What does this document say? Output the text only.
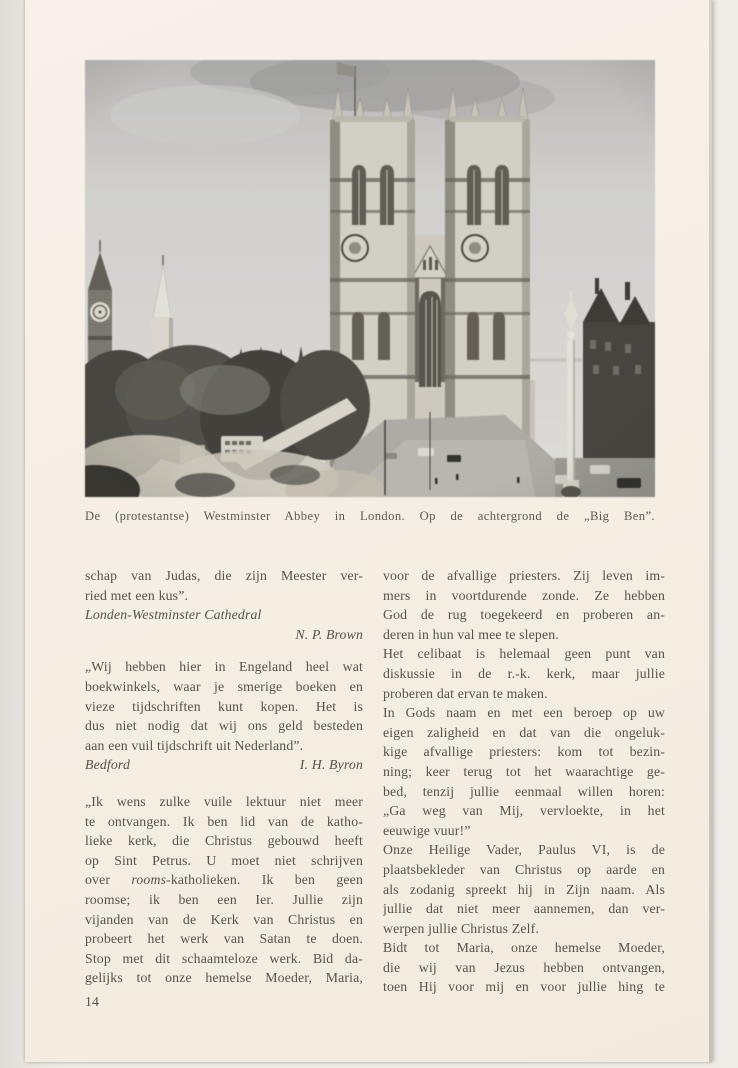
De (protestantse) Westminster Abbey in London. Op de achtergrond de „Big Ben”.
schap van Judas, die zijn Meester ver-
ried met een kus”.
Londen-Westminster Cathedral
N. P. Brown
„Wij hebben hier in Engeland heel wat
boekwinkels, waar je smerige boeken en
vieze tijdschriften kunt kopen. Het is
dus niet nodig dat wij ons geld besteden
aan een vuil tijdschrift uit Nederland”.
Bedford	I. H. Byron
„Ik wens zulke vuile lektuur niet meer
te ontvangen. Ik ben lid van de katho-
lieke kerk, die Christus gebouwd heeft
op Sint Petrus. U moet niet schrijven
over rooms-katholieken. Ik ben geen
roomse; ik ben een Ier. Jullie zijn
vijanden van de Kerk van Christus en
probeert het werk van Satan te doen.
Stop met dit schaamteloze werk. Bid da-
gelijks tot onze hemelse Moeder, Maria,
14
voor de afvallige priesters. Zij leven im-
mers in voortdurende zonde. Ze hebben
God de rug toegekeerd en proberen an-
deren in hun val mee te slepen.
Het celibaat is helemaal geen punt van
diskussie in de r.-k. kerk, maar jullie
proberen dat ervan te maken.
In Gods naam en met een beroep op uw
eigen zaligheid en dat van die ongeluk-
kige afvallige priesters: kom tot bezin-
ning; keer terug tot het waarachtige ge-
bed, tenzij jullie eenmaal willen horen:
„Ga weg van Mij, vervloekte, in het
eeuwige vuur!”
Onze Heilige Vader, Paulus VI, is de
plaatsbekleder van Christus op aarde en
als zodanig spreekt hij in Zijn naam. Als
jullie dat niet meer aannemen, dan ver-
werpen jullie Christus Zelf.
Bidt tot Maria, onze hemelse Moeder,
die wij van Jezus hebben ontvangen,
toen Hij voor mij en voor jullie hing te
